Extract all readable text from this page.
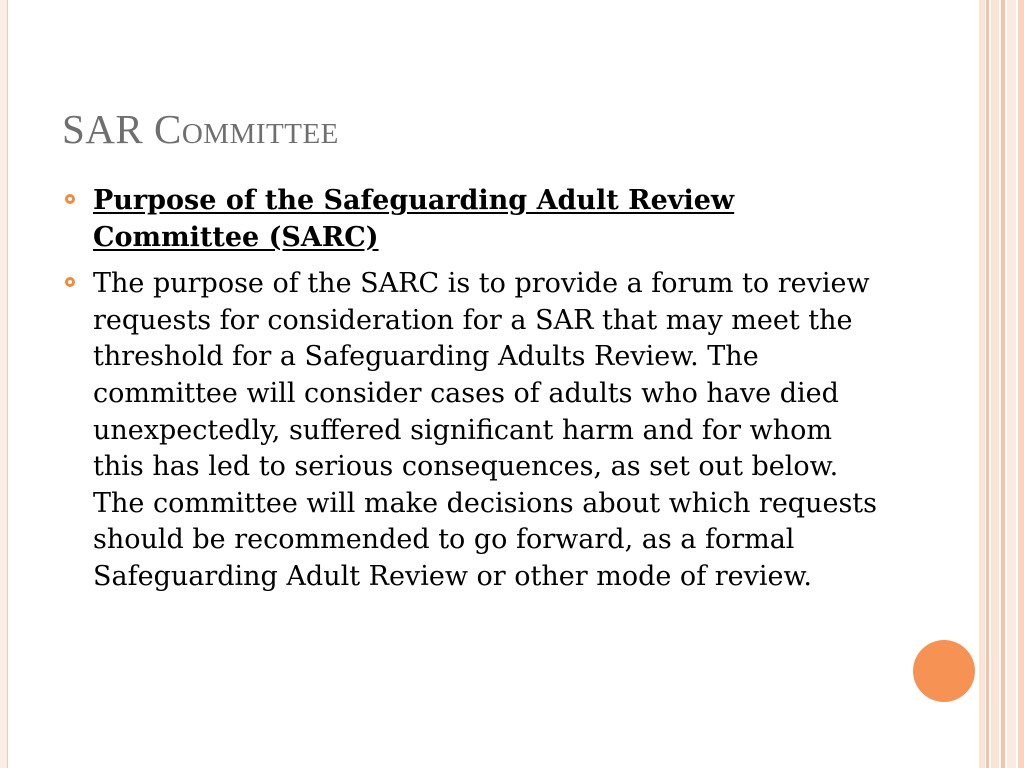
SAR Committee
Purpose of the Safeguarding Adult Review Committee (SARC)
The purpose of the SARC is to provide a forum to review requests for consideration for a SAR that may meet the threshold for a Safeguarding Adults Review. The committee will consider cases of adults who have died unexpectedly, suffered significant harm and for whom this has led to serious consequences, as set out below. The committee will make decisions about which requests should be recommended to go forward, as a formal Safeguarding Adult Review or other mode of review.
